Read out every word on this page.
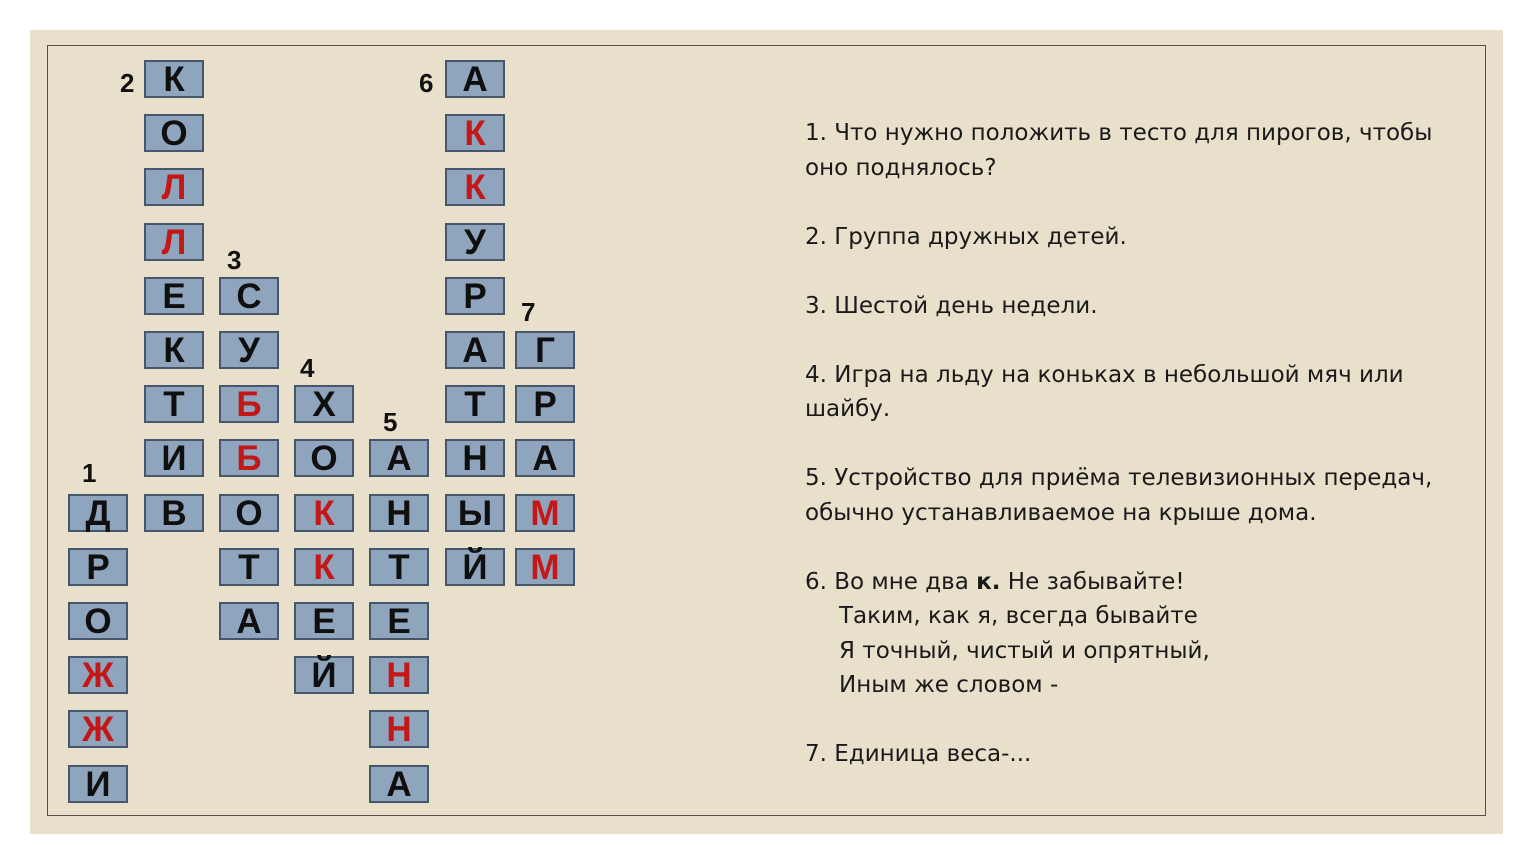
1
Д
Р
О
Ж
Ж
И
2 К
О
Л
Л
Е
К
Т
И
В
3
С
У
Б
Б
О
Т
А
4
Х
О
К
К
Е
Й
5
А
Н
Т
Е
Н
Н
А
6 А
К
К
У
Р
А
Т
Н
Ы
Й
7
Г
Р
А
М
М
1. Что нужно положить в тесто для пирогов, чтобы
оно поднялось?
2. Группа дружных детей.
3. Шестой день недели.
4. Игра на льду на коньках в небольшой мяч или
шайбу.
5. Устройство для приёма телевизионных передач,
обычно устанавливаемое на крыше дома.
6. Во мне два к. Не забывайте!
Таким, как я, всегда бывайте
Я точный, чистый и опрятный,
Иным же словом -
7. Единица веса-...
